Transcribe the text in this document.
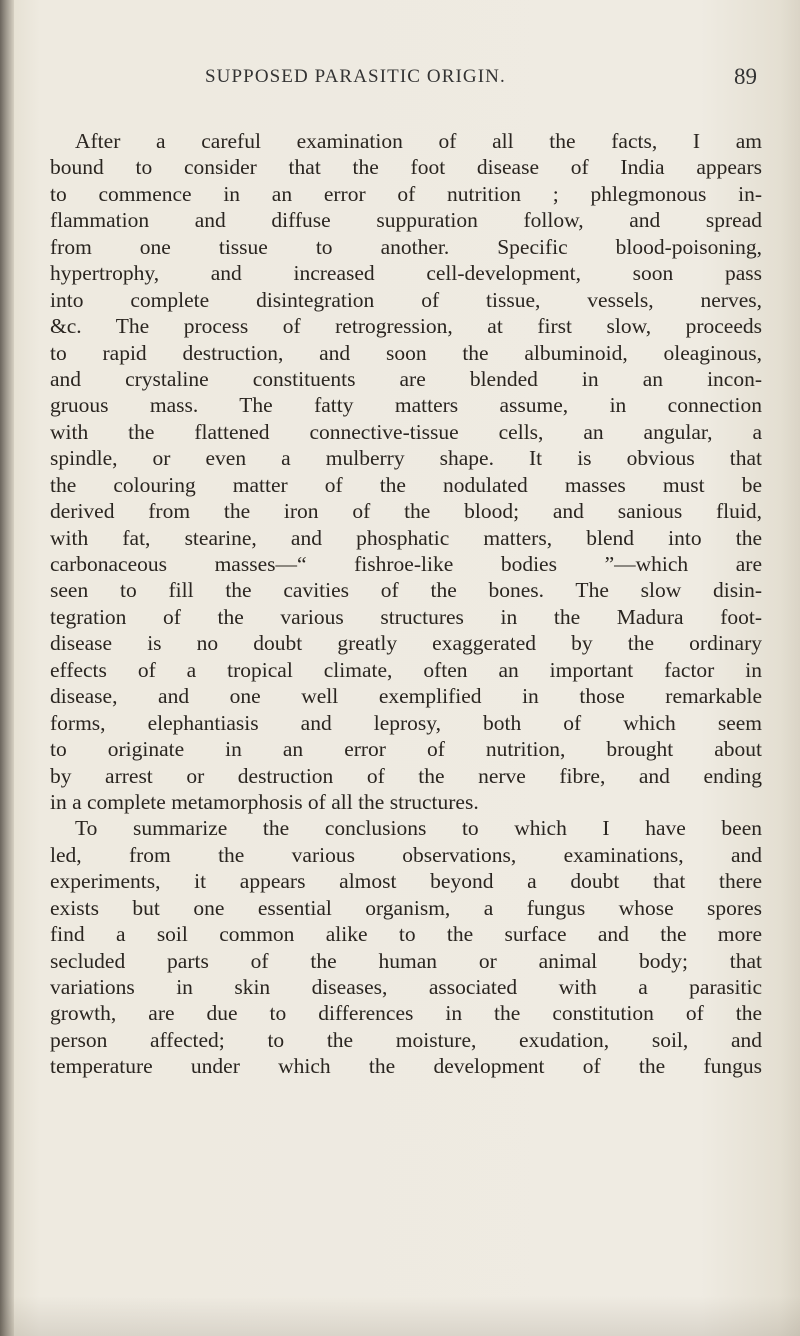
SUPPOSED PARASITIC ORIGIN.	89
After a careful examination of all the facts, I am
bound to consider that the foot disease of India appears
to commence in an error of nutrition ; phlegmonous in-
flammation and diffuse suppuration follow, and spread
from one tissue to another. Specific blood-poisoning,
hypertrophy, and increased cell-development, soon pass
into complete disintegration of tissue, vessels, nerves,
&c. The process of retrogression, at first slow, proceeds
to rapid destruction, and soon the albuminoid, oleaginous,
and crystaline constituents are blended in an incon-
gruous mass. The fatty matters assume, in connection
with the flattened connective-tissue cells, an angular, a
spindle, or even a mulberry shape. It is obvious that
the colouring matter of the nodulated masses must be
derived from the iron of the blood; and sanious fluid,
with fat, stearine, and phosphatic matters, blend into the
carbonaceous masses—“ fishroe-like bodies ”—which are
seen to fill the cavities of the bones. The slow disin-
tegration of the various structures in the Madura foot-
disease is no doubt greatly exaggerated by the ordinary
effects of a tropical climate, often an important factor in
disease, and one well exemplified in those remarkable
forms, elephantiasis and leprosy, both of which seem
to originate in an error of nutrition, brought about
by arrest or destruction of the nerve fibre, and ending
in a complete metamorphosis of all the structures.
To summarize the conclusions to which I have been
led, from the various observations, examinations, and
experiments, it appears almost beyond a doubt that there
exists but one essential organism, a fungus whose spores
find a soil common alike to the surface and the more
secluded parts of the human or animal body; that
variations in skin diseases, associated with a parasitic
growth, are due to differences in the constitution of the
person affected; to the moisture, exudation, soil, and
temperature under which the development of the fungus
